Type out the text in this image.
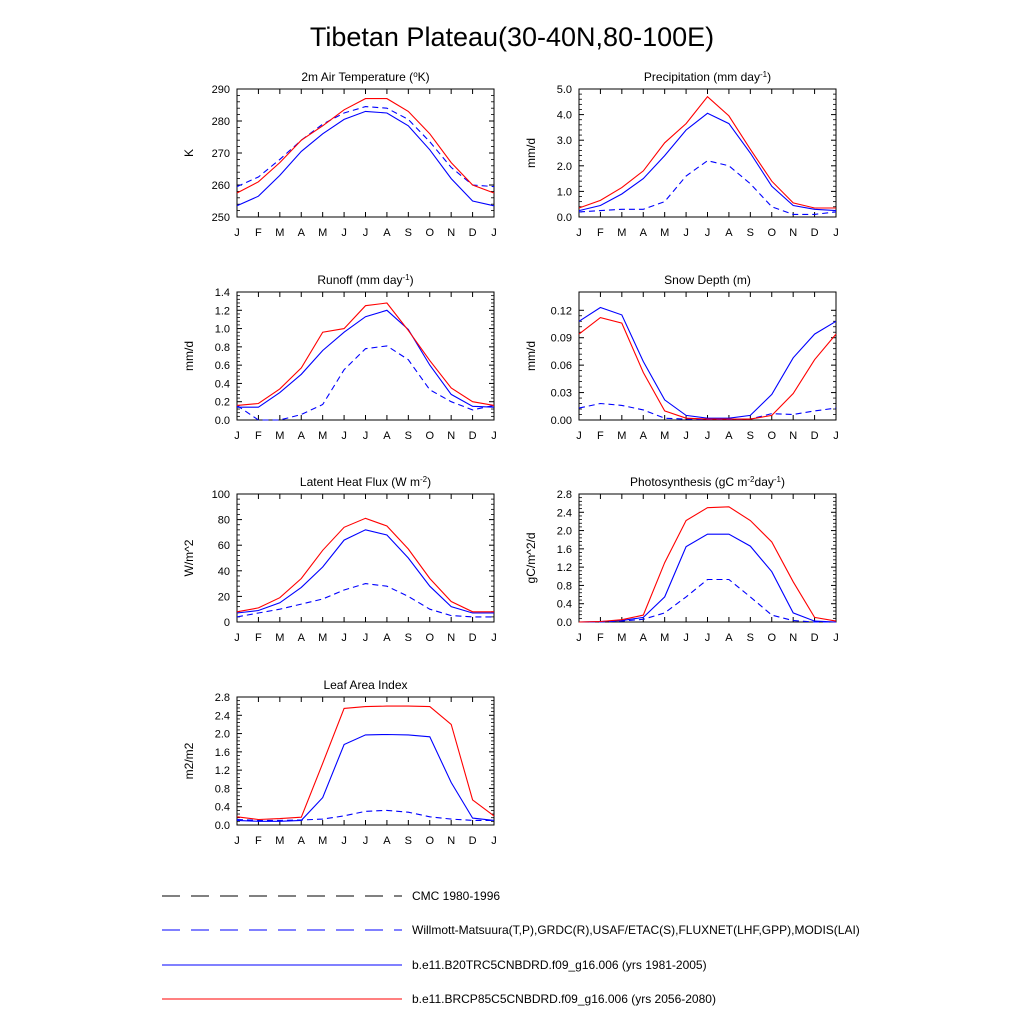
Tibetan Plateau(30-40N,80-100E)
2m Air Temperature ($^o$K)
K
J F M A M J J A S O N D J
250
260
270
280
290
Precipitation (mm day$^{-1}$)
mm/d
J F M A M J J A S O N D J
0.0
1.0
2.0
3.0
4.0
5.0
Runoff (mm day$^{-1}$)
mm/d
J F M A M J J A S O N D J
0.0
0.2
0.4
0.6
0.8
1.0
1.2
1.4
Snow Depth (m)
mm/d
J F M A M J J A S O N D J
0.00
0.03
0.06
0.09
0.12
Latent Heat Flux (W $m^{-2}$)
W/m^2
J F M A M J J A S O N D J
0
20
40
60
80
100
Photosynthesis (gC $m^{-2}day^{-1}$)
gC/m^2/d
J F M A M J J A S O N D J
0.0
0.4
0.8
1.2
1.6
2.0
2.4
2.8
Leaf Area Index
m2/m2
J F M A M J J A S O N D J
0.0
0.4
0.8
1.2
1.6
2.0
2.4
2.8
CMC 1980-1996
Willmott-Matsuura(T,P),GRDC(R),USAF/ETAC(S),FLUXNET(LHF,GPP),MODIS(LAI)
b.e11.B20TRC5CNBDRD.f09_g16.006 (yrs 1981-2005)
b.e11.BRCP85C5CNBDRD.f09_g16.006 (yrs 2056-2080)
